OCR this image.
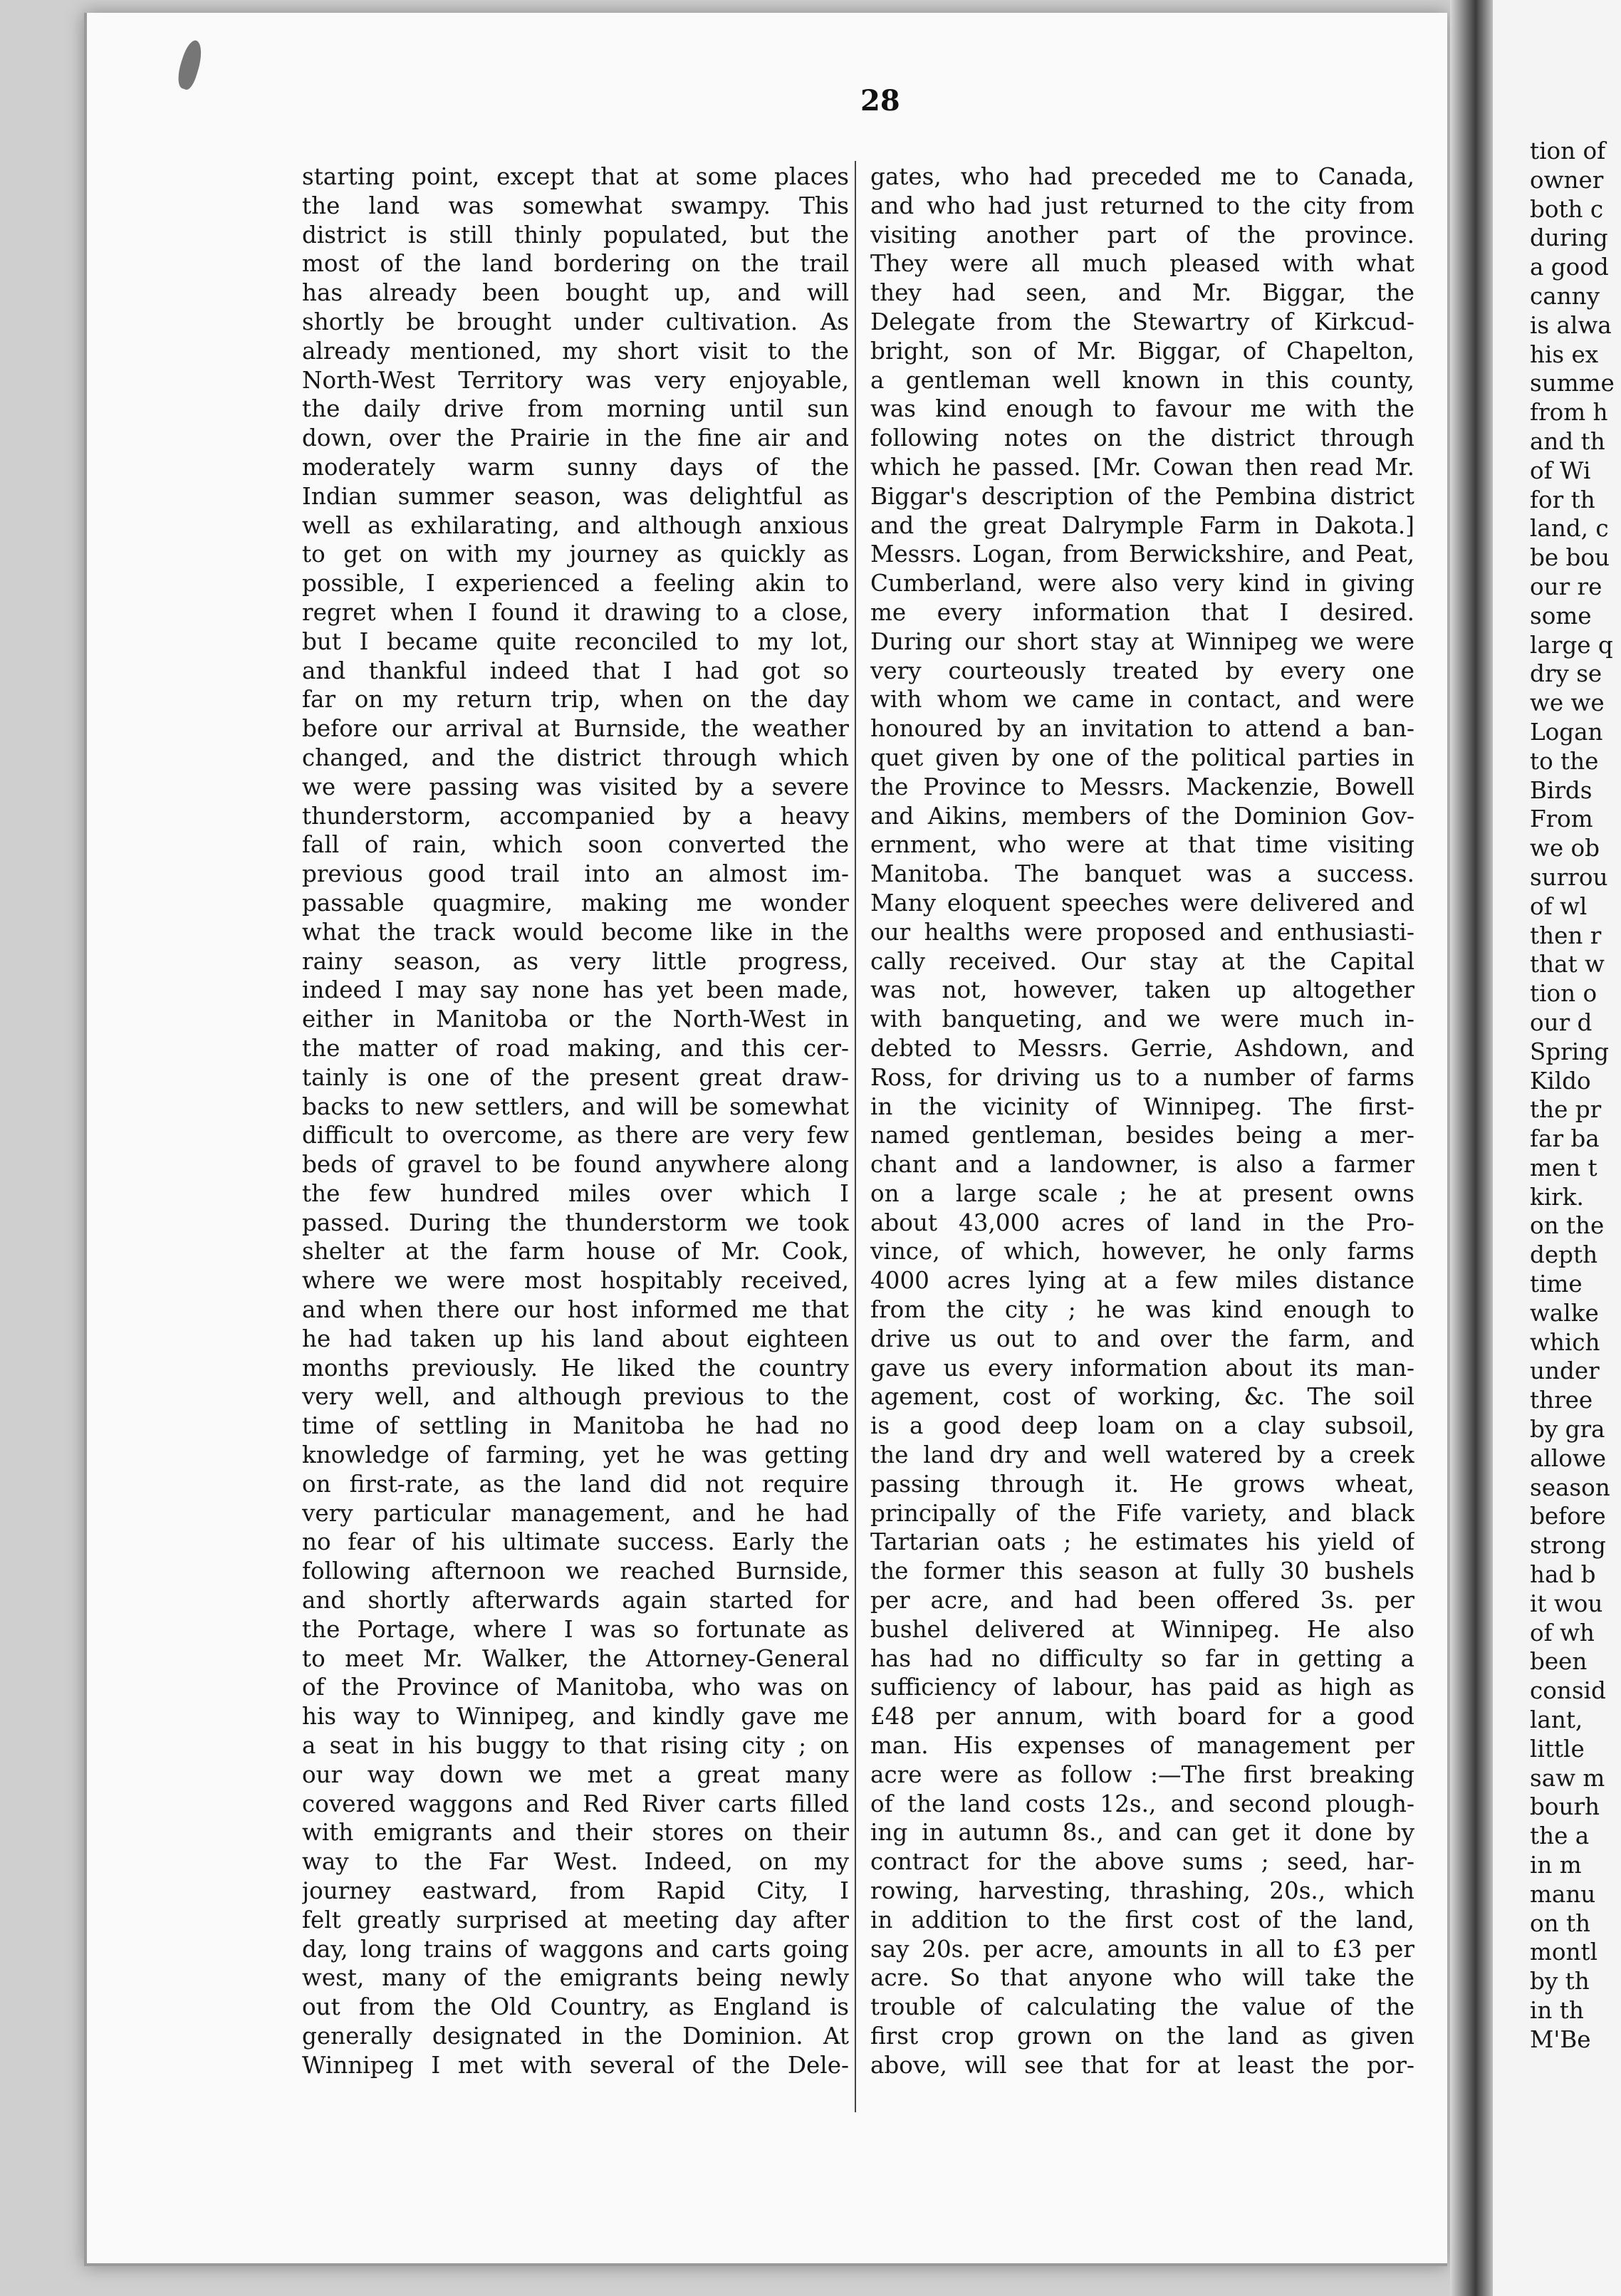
28
starting point, except that at some places
the land was somewhat swampy. This
district is still thinly populated, but the
most of the land bordering on the trail
has already been bought up, and will
shortly be brought under cultivation. As
already mentioned, my short visit to the
North-West Territory was very enjoyable,
the daily drive from morning until sun
down, over the Prairie in the fine air and
moderately warm sunny days of the
Indian summer season, was delightful as
well as exhilarating, and although anxious
to get on with my journey as quickly as
possible, I experienced a feeling akin to
regret when I found it drawing to a close,
but I became quite reconciled to my lot,
and thankful indeed that I had got so
far on my return trip, when on the day
before our arrival at Burnside, the weather
changed, and the district through which
we were passing was visited by a severe
thunderstorm, accompanied by a heavy
fall of rain, which soon converted the
previous good trail into an almost im-
passable quagmire, making me wonder
what the track would become like in the
rainy season, as very little progress,
indeed I may say none has yet been made,
either in Manitoba or the North-West in
the matter of road making, and this cer-
tainly is one of the present great draw-
backs to new settlers, and will be somewhat
difficult to overcome, as there are very few
beds of gravel to be found anywhere along
the few hundred miles over which I
passed. During the thunderstorm we took
shelter at the farm house of Mr. Cook,
where we were most hospitably received,
and when there our host informed me that
he had taken up his land about eighteen
months previously. He liked the country
very well, and although previous to the
time of settling in Manitoba he had no
knowledge of farming, yet he was getting
on first-rate, as the land did not require
very particular management, and he had
no fear of his ultimate success. Early the
following afternoon we reached Burnside,
and shortly afterwards again started for
the Portage, where I was so fortunate as
to meet Mr. Walker, the Attorney-General
of the Province of Manitoba, who was on
his way to Winnipeg, and kindly gave me
a seat in his buggy to that rising city ; on
our way down we met a great many
covered waggons and Red River carts filled
with emigrants and their stores on their
way to the Far West. Indeed, on my
journey eastward, from Rapid City, I
felt greatly surprised at meeting day after
day, long trains of waggons and carts going
west, many of the emigrants being newly
out from the Old Country, as England is
generally designated in the Dominion. At
Winnipeg I met with several of the Dele-
gates, who had preceded me to Canada,
and who had just returned to the city from
visiting another part of the province.
They were all much pleased with what
they had seen, and Mr. Biggar, the
Delegate from the Stewartry of Kirkcud-
bright, son of Mr. Biggar, of Chapelton,
a gentleman well known in this county,
was kind enough to favour me with the
following notes on the district through
which he passed. [Mr. Cowan then read Mr.
Biggar's description of the Pembina district
and the great Dalrymple Farm in Dakota.]
Messrs. Logan, from Berwickshire, and Peat,
Cumberland, were also very kind in giving
me every information that I desired.
During our short stay at Winnipeg we were
very courteously treated by every one
with whom we came in contact, and were
honoured by an invitation to attend a ban-
quet given by one of the political parties in
the Province to Messrs. Mackenzie, Bowell
and Aikins, members of the Dominion Gov-
ernment, who were at that time visiting
Manitoba. The banquet was a success.
Many eloquent speeches were delivered and
our healths were proposed and enthusiasti-
cally received. Our stay at the Capital
was not, however, taken up altogether
with banqueting, and we were much in-
debted to Messrs. Gerrie, Ashdown, and
Ross, for driving us to a number of farms
in the vicinity of Winnipeg. The first-
named gentleman, besides being a mer-
chant and a landowner, is also a farmer
on a large scale ; he at present owns
about 43,000 acres of land in the Pro-
vince, of which, however, he only farms
4000 acres lying at a few miles distance
from the city ; he was kind enough to
drive us out to and over the farm, and
gave us every information about its man-
agement, cost of working, &c. The soil
is a good deep loam on a clay subsoil,
the land dry and well watered by a creek
passing through it. He grows wheat,
principally of the Fife variety, and black
Tartarian oats ; he estimates his yield of
the former this season at fully 30 bushels
per acre, and had been offered 3s. per
bushel delivered at Winnipeg. He also
has had no difficulty so far in getting a
sufficiency of labour, has paid as high as
£48 per annum, with board for a good
man. His expenses of management per
acre were as follow :—The first breaking
of the land costs 12s., and second plough-
ing in autumn 8s., and can get it done by
contract for the above sums ; seed, har-
rowing, harvesting, thrashing, 20s., which
in addition to the first cost of the land,
say 20s. per acre, amounts in all to £3 per
acre. So that anyone who will take the
trouble of calculating the value of the
first crop grown on the land as given
above, will see that for at least the por-
tion of
owner
both c
during
a good
canny
is alwa
his ex
summe
from h
and th
of Wi
for th
land, c
be bou
our re
some
large q
dry se
we we
Logan
to the
Birds
From
we ob
surrou
of wl
then r
that w
tion o
our d
Spring
Kildo
the pr
far ba
men t
kirk.
on the
depth
time
walke
which
under
three
by gra
allowe
season
before
strong
had b
it wou
of wh
been
consid
lant,
little
saw m
bourh
the a
in m
manu
on th
montl
by th
in th
M'Be
